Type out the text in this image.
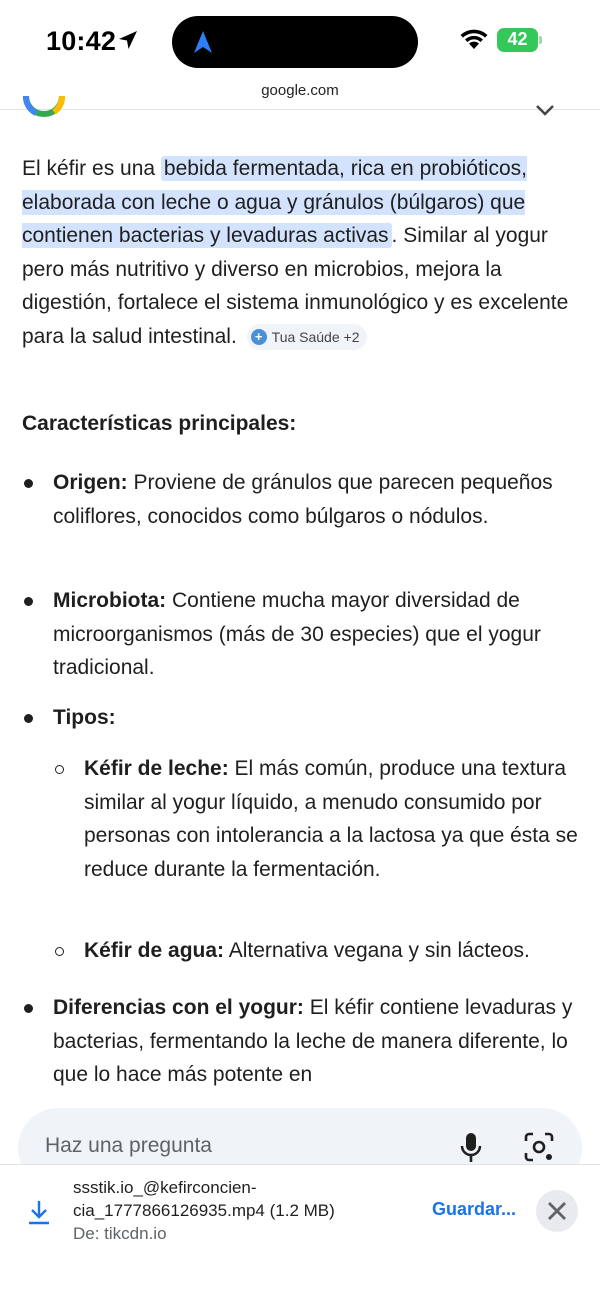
10:42	42
google.com
El kéfir es una bebida fermentada, rica en probióticos, elaborada con leche o agua y gránulos (búlgaros) que contienen bacterias y levaduras activas . Similar al yogur pero más nutritivo y diverso en microbios, mejora la digestión, fortalece el sistema inmunológico y es excelente para la salud intestinal.	+ Tua Saúde +2
Características principales:
Origen: Proviene de gránulos que parecen pequeños coliflores, conocidos como búlgaros o nódulos.
Microbiota: Contiene mucha mayor diversidad de microorganismos (más de 30 especies) que el yogur tradicional.
Tipos:
Kéfir de leche: El más común, produce una textura similar al yogur líquido, a menudo consumido por personas con intolerancia a la lactosa ya que ésta se reduce durante la fermentación.
Kéfir de agua: Alternativa vegana y sin lácteos.
Diferencias con el yogur: El kéfir contiene levaduras y bacterias, fermentando la leche de manera diferente, lo que lo hace más potente en
Haz una pregunta
ssstik.io_@kefirconcien-
cia_1777866126935.mp4 (1.2 MB)
De: tikcdn.io
Guardar...
